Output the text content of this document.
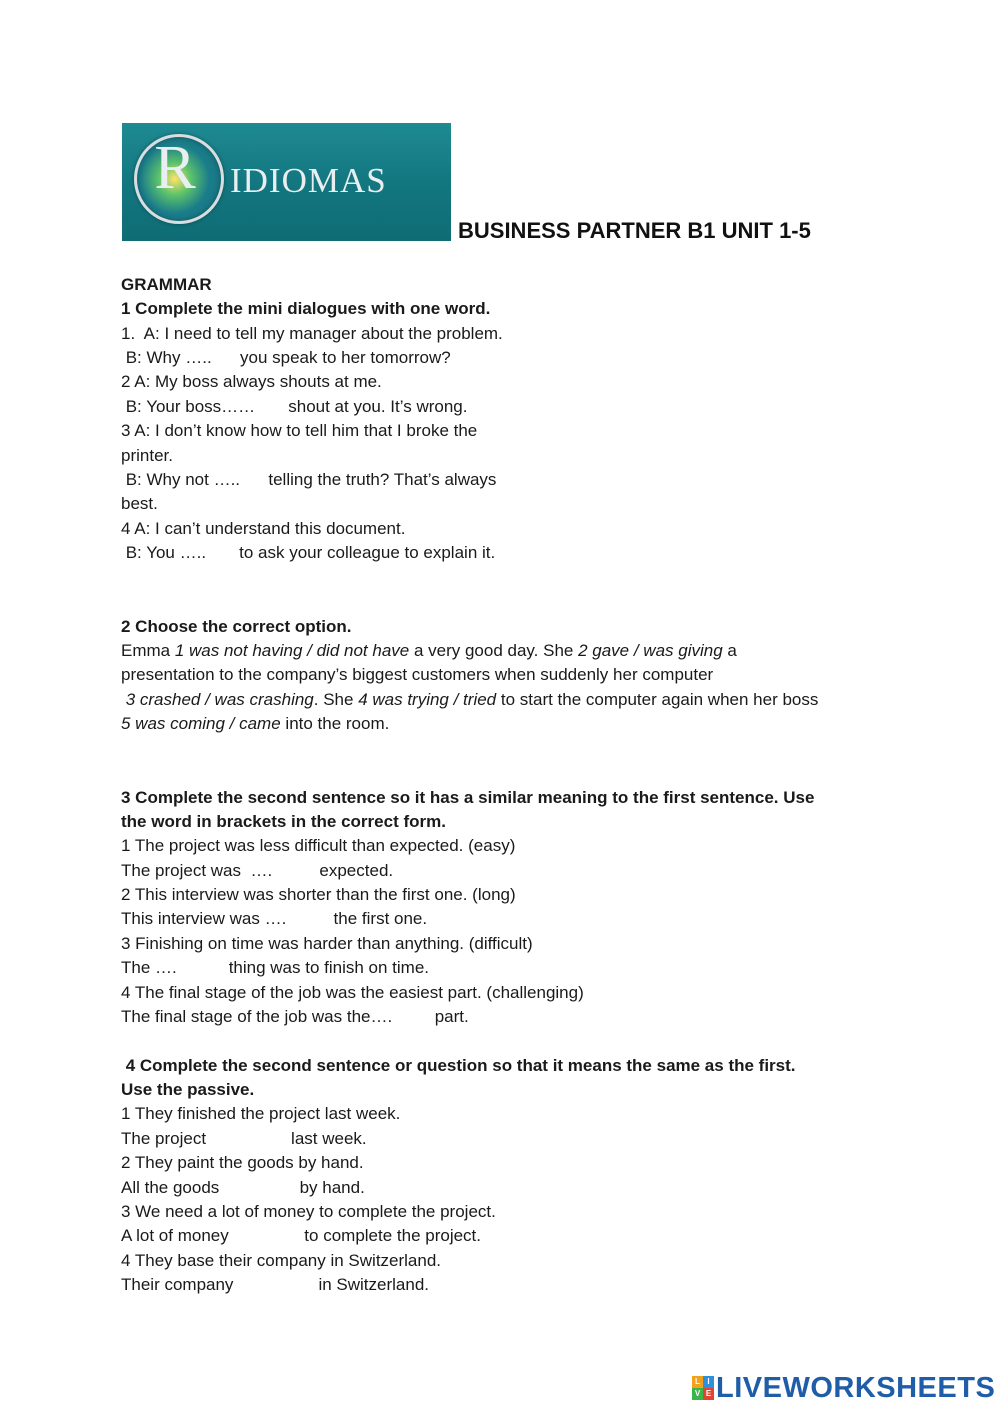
R IDIOMAS
BUSINESS PARTNER B1 UNIT 1-5
GRAMMAR
1 Complete the mini dialogues with one word.
1.  A: I need to tell my manager about the problem.
B: Why …..      you speak to her tomorrow?
2 A: My boss always shouts at me.
B: Your boss……       shout at you. It’s wrong.
3 A: I don’t know how to tell him that I broke the
printer.
B: Why not …..      telling the truth? That’s always
best.
4 A: I can’t understand this document.
B: You …..       to ask your colleague to explain it.
2 Choose the correct option.
Emma 1 was not having / did not have a very good day. She 2 gave / was giving a
presentation to the company’s biggest customers when suddenly her computer
3 crashed / was crashing. She 4 was trying / tried to start the computer again when her boss
5 was coming / came into the room.
3 Complete the second sentence so it has a similar meaning to the first sentence. Use
the word in brackets in the correct form.
1 The project was less difficult than expected. (easy)
The project was  ….          expected.
2 This interview was shorter than the first one. (long)
This interview was ….          the first one.
3 Finishing on time was harder than anything. (difficult)
The ….           thing was to finish on time.
4 The final stage of the job was the easiest part. (challenging)
The final stage of the job was the….         part.
4 Complete the second sentence or question so that it means the same as the first.
Use the passive.
1 They finished the project last week.
The project                  last week.
2 They paint the goods by hand.
All the goods                 by hand.
3 We need a lot of money to complete the project.
A lot of money                to complete the project.
4 They base their company in Switzerland.
Their company                  in Switzerland.
L I
V E LIVEWORKSHEETS
